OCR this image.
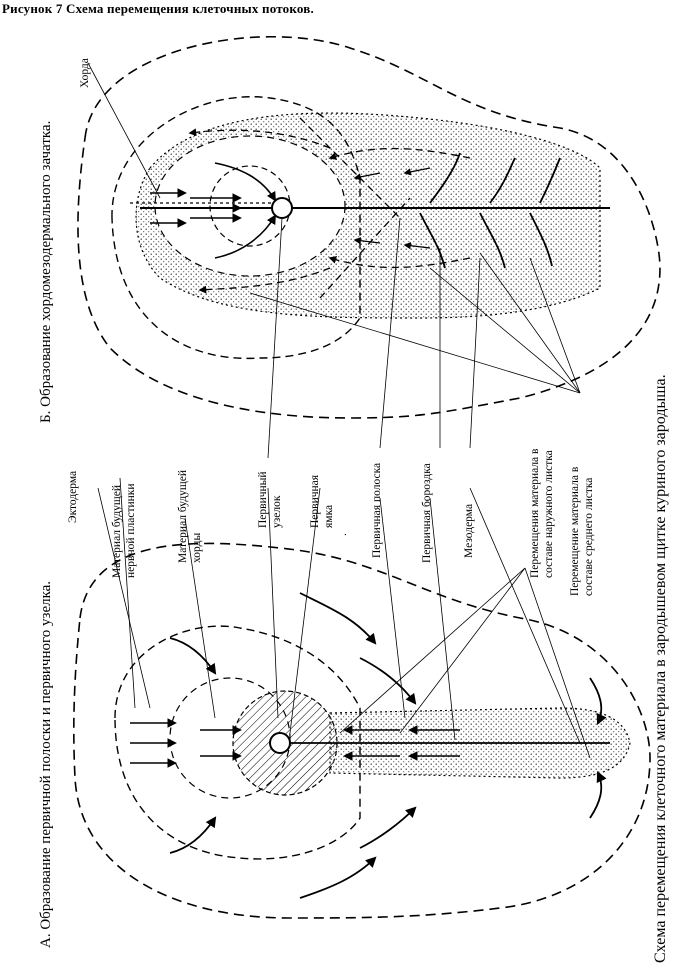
Рисунок 7 Схема перемещения клеточных потоков.
А. Образование первичной полоски и первичного узелка.
Б. Образование хордомезодермального зачатка.
Схема перемещения клеточного материала в зародышевом щитке куриного зародыша.
Хорда
Эктодерма	Материал будущей нервной пластинки	Материал будущей хорды
Первичный узелок Первичная ямка
. Первичная полоска	Первичная бороздка	Мезодерма	Перемещения материала в составе наружного листка Перемещение материала в составе среднего листка
